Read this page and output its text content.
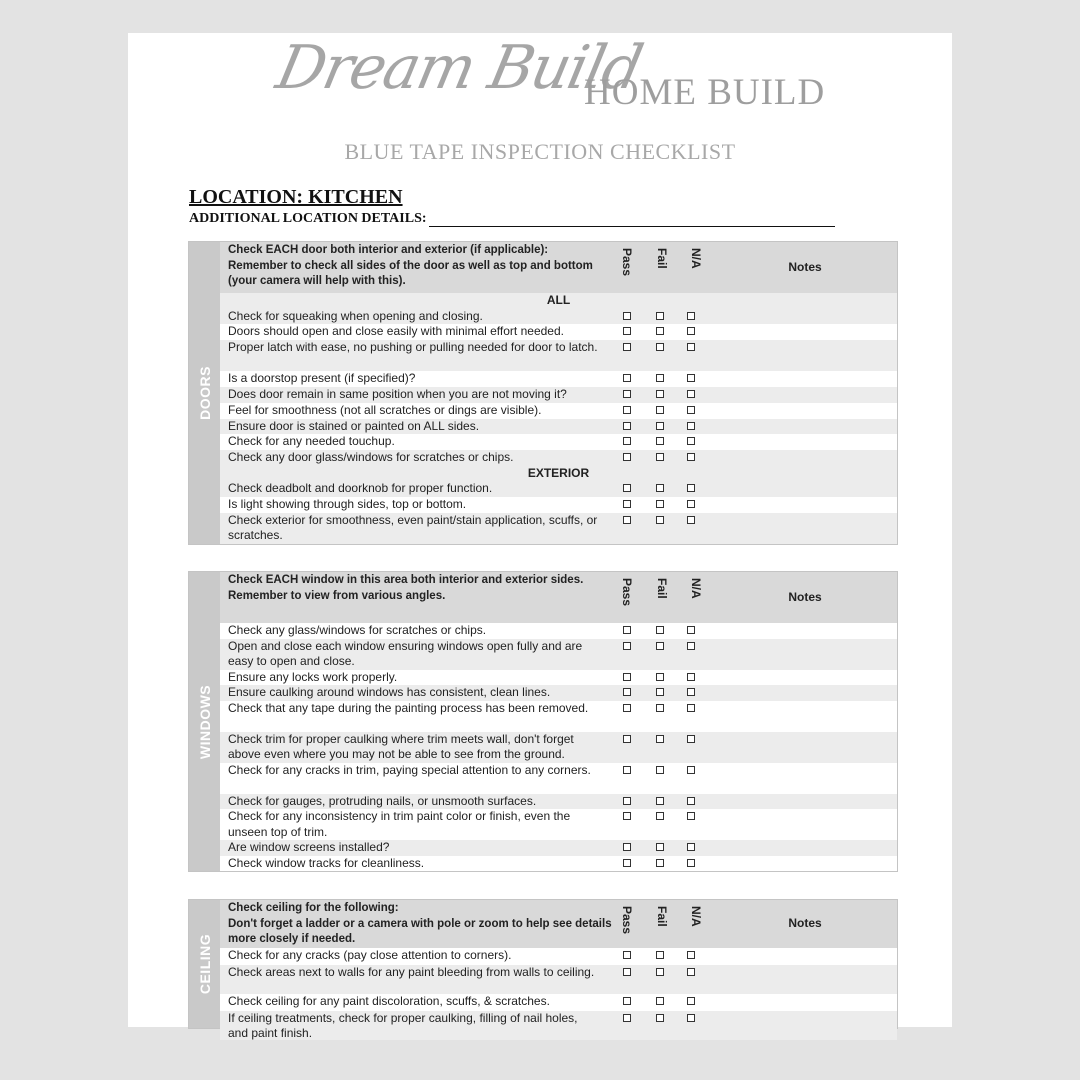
Dream Build
HOME BUILD
BLUE TAPE INSPECTION CHECKLIST
LOCATION: KITCHEN
ADDITIONAL LOCATION DETAILS:
DOORS
Check EACH door both interior and exterior (if applicable):
Remember to check all sides of the door as well as top and bottom (your camera will help with this).
Pass Fail N/A	Notes
ALL
Check for squeaking when opening and closing.
Doors should open and close easily with minimal effort needed.
Proper latch with ease, no pushing or pulling needed for door to latch.
Is a doorstop present (if specified)?
Does door remain in same position when you are not moving it?
Feel for smoothness (not all scratches or dings are visible).
Ensure door is stained or painted on ALL sides.
Check for any needed touchup.
Check any door glass/windows for scratches or chips.
EXTERIOR
Check deadbolt and doorknob for proper function.
Is light showing through sides, top or bottom.
Check exterior for smoothness, even paint/stain application, scuffs, or scratches.
WINDOWS
Check EACH window in this area both interior and exterior sides.
Remember to view from various angles.	Pass Fail N/A	Notes
Check any glass/windows for scratches or chips.
Open and close each window ensuring windows open fully and are easy to open and close.
Ensure any locks work properly.
Ensure caulking around windows has consistent, clean lines.
Check that any tape during the painting process has been removed.
Check trim for proper caulking where trim meets wall, don't forget above even where you may not be able to see from the ground.
Check for any cracks in trim, paying special attention to any corners.
Check for gauges, protruding nails, or unsmooth surfaces.
Check for any inconsistency in trim paint color or finish, even the unseen top of trim.
Are window screens installed?
Check window tracks for cleanliness.
CEILING
Check ceiling for the following:
Don't forget a ladder or a camera with pole or zoom to help see details more closely if needed.
Pass Fail N/A	Notes
Check for any cracks (pay close attention to corners).
Check areas next to walls for any paint bleeding from walls to ceiling.
Check ceiling for any paint discoloration, scuffs, & scratches.
If ceiling treatments, check for proper caulking, filling of nail holes, and paint finish.
